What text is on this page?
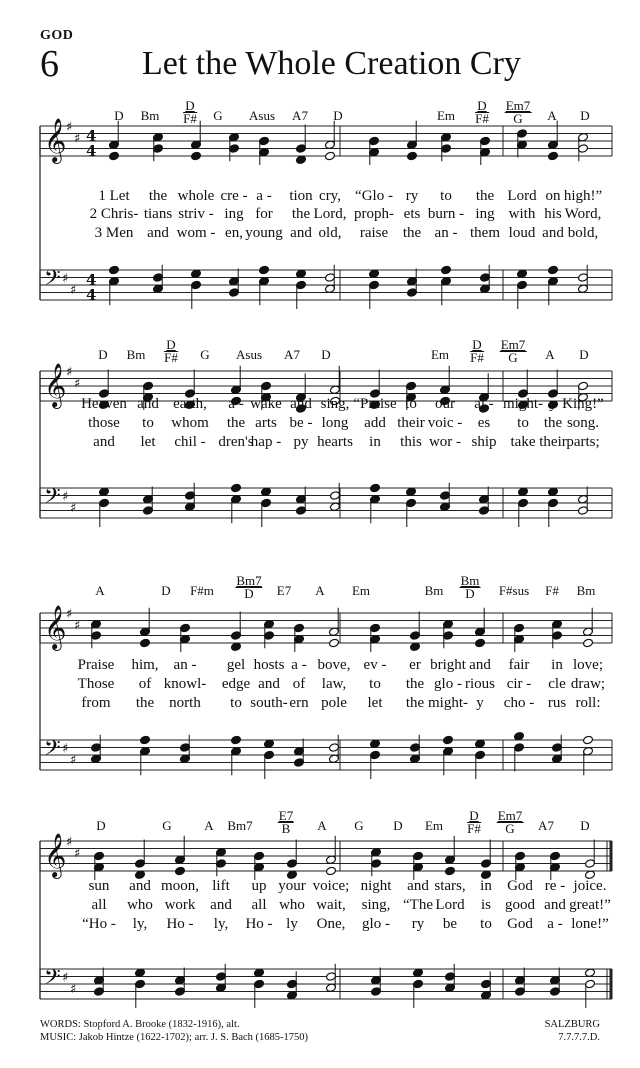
GOD
6 Let the Whole Creation Cry
𝄞 ♯
♯ 4
4
𝄢 ♯
♯
4
4
𝄞 ♯
♯
𝄢 ♯
♯
𝄞 ♯
♯
𝄢 ♯
♯
𝄞 ♯
♯
𝄢 ♯
♯
D Bm $\frac{D}{F\#}$ G Asus A7 D	Em $\frac{D}{F\#} \frac{Em7}{G}$ A D
1 Let the whole cre - a - tion cry, “Glo - ry to the Lord on high!”
2 Chris- tians striv - ing for the Lord, proph- ets burn - ing with his Word,
3 Men and wom - en, young and old, raise the an - them loud and bold,
D Bm $\frac{D}{F\#}$ G Asus A7 D	Em $\frac{D}{F\#} \frac{Em7}{G}$ A D
Heaven and earth, a - wake and sing, “Praise to our al - might- y King!”
those to whom the arts be - long add their voic - es to the song.
and let chil - dren's
hap - py hearts in this wor - ship take their parts;
A	D F#m $\frac{Bm7}{D} E7$ A Em	Bm $\frac{Bm}{D}$ F#sus F# Bm
Praise him, an - gel hosts a - bove, ev - er bright and fair in love;
Those of knowl- edge and of law, to the glo - rious cir - cle draw;
from the north to south- ern pole let the might- y cho - rus roll:
D	G	A $Bm7 \frac{E7}{B}$ A G D Em $\frac{D}{F\#} \frac{Em7}{G} A7$ D
sun and moon, lift up your voice; night and stars, in God re - joice.
all who work and all who wait, sing, “The Lord is good and great!”
“Ho - ly, Ho - ly, Ho - ly One, glo - ry be to God a - lone!”
WORDS: Stopford A. Brooke (1832-1916), alt.
MUSIC: Jakob Hintze (1622-1702); arr. J. S. Bach (1685-1750)
SALZBURG
7.7.7.7.D.
